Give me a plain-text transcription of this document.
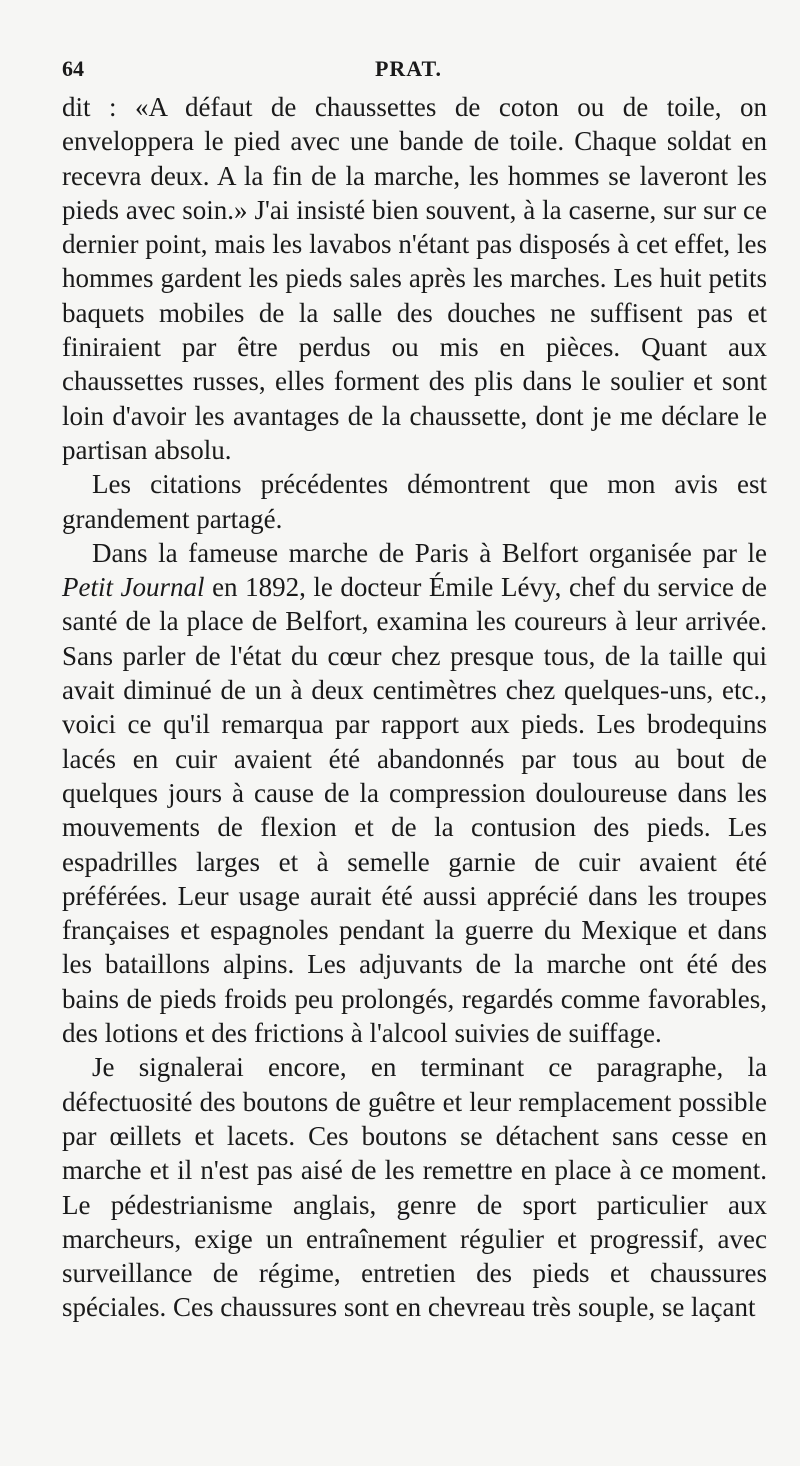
64	PRAT.

dit : «A défaut de chaussettes de coton ou de toile, on enveloppera le pied avec une bande de toile. Chaque soldat en recevra deux. A la fin de la marche, les hommes se laveront les pieds avec soin.» J'ai insisté bien souvent, à la caserne, sur sur ce dernier point, mais les lavabos n'étant pas disposés à cet effet, les hommes gardent les pieds sales après les marches. Les huit petits baquets mobiles de la salle des douches ne suffisent pas et finiraient par être perdus ou mis en pièces. Quant aux chaussettes russes, elles forment des plis dans le soulier et sont loin d'avoir les avantages de la chaussette, dont je me déclare le partisan absolu.

Les citations précédentes démontrent que mon avis est grandement partagé.

Dans la fameuse marche de Paris à Belfort organisée par le Petit Journal en 1892, le docteur Émile Lévy, chef du service de santé de la place de Belfort, examina les coureurs à leur arrivée. Sans parler de l'état du cœur chez presque tous, de la taille qui avait diminué de un à deux centimètres chez quelques-uns, etc., voici ce qu'il remarqua par rapport aux pieds. Les brodequins lacés en cuir avaient été abandonnés par tous au bout de quelques jours à cause de la compression douloureuse dans les mouvements de flexion et de la contusion des pieds. Les espadrilles larges et à semelle garnie de cuir avaient été préférées. Leur usage aurait été aussi apprécié dans les troupes françaises et espagnoles pendant la guerre du Mexique et dans les bataillons alpins. Les adjuvants de la marche ont été des bains de pieds froids peu prolongés, regardés comme favorables, des lotions et des frictions à l'alcool suivies de suiffage.

Je signalerai encore, en terminant ce paragraphe, la défectuosité des boutons de guêtre et leur remplacement possible par œillets et lacets. Ces boutons se détachent sans cesse en marche et il n'est pas aisé de les remettre en place à ce moment. Le pédestrianisme anglais, genre de sport particulier aux marcheurs, exige un entraînement régulier et progressif, avec surveillance de régime, entretien des pieds et chaussures spéciales. Ces chaussures sont en chevreau très souple, se laçant
